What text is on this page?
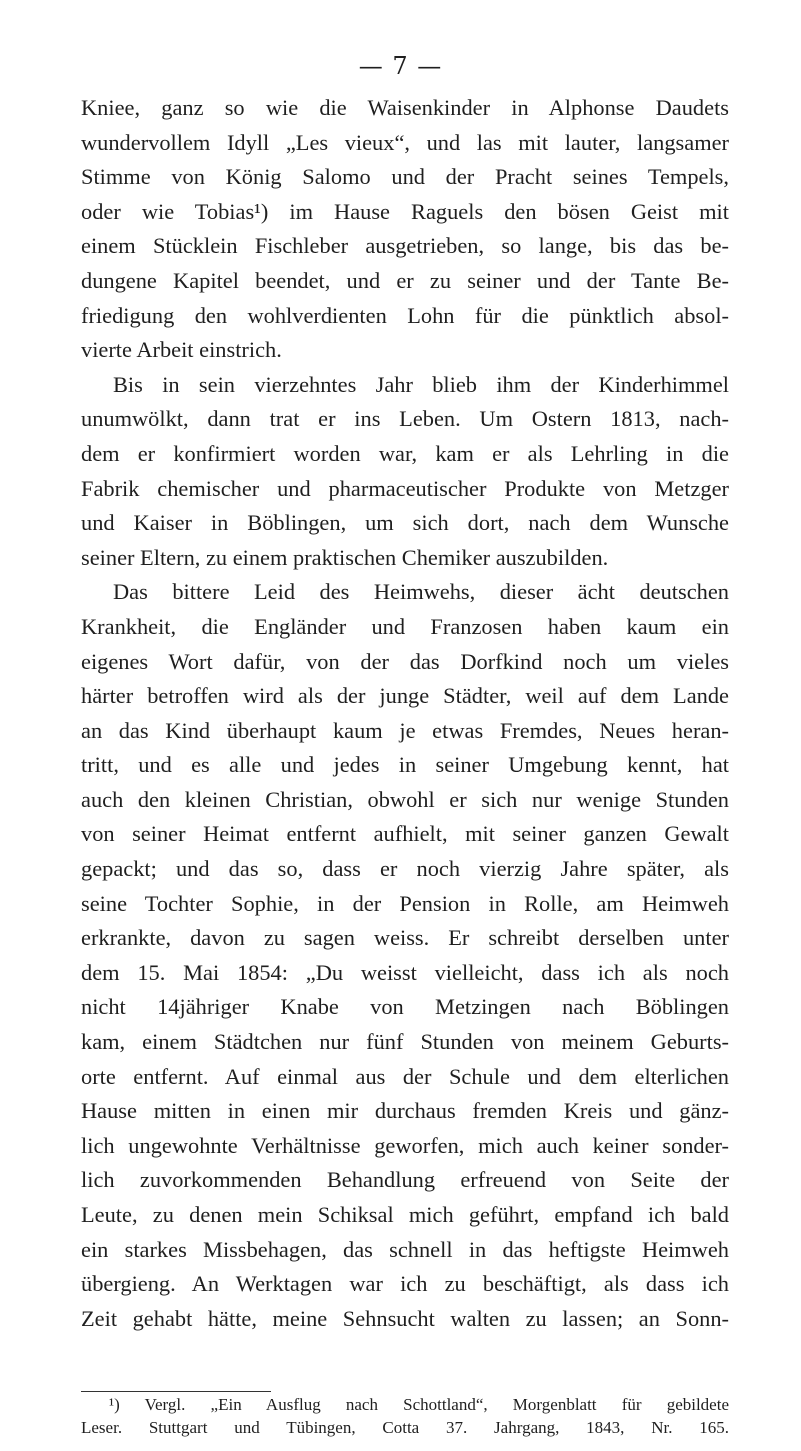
— 7 —
Kniee, ganz so wie die Waisenkinder in Alphonse Daudets
wundervollem Idyll „Les vieux“, und las mit lauter, langsamer
Stimme von König Salomo und der Pracht seines Tempels,
oder wie Tobias¹) im Hause Raguels den bösen Geist mit
einem Stücklein Fischleber ausgetrieben, so lange, bis das be-
dungene Kapitel beendet, und er zu seiner und der Tante Be-
friedigung den wohlverdienten Lohn für die pünktlich absol-
vierte Arbeit einstrich.
Bis in sein vierzehntes Jahr blieb ihm der Kinderhimmel
unumwölkt, dann trat er ins Leben. Um Ostern 1813, nach-
dem er konfirmiert worden war, kam er als Lehrling in die
Fabrik chemischer und pharmaceutischer Produkte von Metzger
und Kaiser in Böblingen, um sich dort, nach dem Wunsche
seiner Eltern, zu einem praktischen Chemiker auszubilden.
Das bittere Leid des Heimwehs, dieser ächt deutschen
Krankheit, die Engländer und Franzosen haben kaum ein
eigenes Wort dafür, von der das Dorfkind noch um vieles
härter betroffen wird als der junge Städter, weil auf dem Lande
an das Kind überhaupt kaum je etwas Fremdes, Neues heran-
tritt, und es alle und jedes in seiner Umgebung kennt, hat
auch den kleinen Christian, obwohl er sich nur wenige Stunden
von seiner Heimat entfernt aufhielt, mit seiner ganzen Gewalt
gepackt; und das so, dass er noch vierzig Jahre später, als
seine Tochter Sophie, in der Pension in Rolle, am Heimweh
erkrankte, davon zu sagen weiss. Er schreibt derselben unter
dem 15. Mai 1854: „Du weisst vielleicht, dass ich als noch
nicht 14jähriger Knabe von Metzingen nach Böblingen
kam, einem Städtchen nur fünf Stunden von meinem Geburts-
orte entfernt. Auf einmal aus der Schule und dem elterlichen
Hause mitten in einen mir durchaus fremden Kreis und gänz-
lich ungewohnte Verhältnisse geworfen, mich auch keiner sonder-
lich zuvorkommenden Behandlung erfreuend von Seite der
Leute, zu denen mein Schiksal mich geführt, empfand ich bald
ein starkes Missbehagen, das schnell in das heftigste Heimweh
übergieng. An Werktagen war ich zu beschäftigt, als dass ich
Zeit gehabt hätte, meine Sehnsucht walten zu lassen; an Sonn-
¹) Vergl. „Ein Ausflug nach Schottland“, Morgenblatt für gebildete
Leser. Stuttgart und Tübingen, Cotta 37. Jahrgang, 1843, Nr. 165.
